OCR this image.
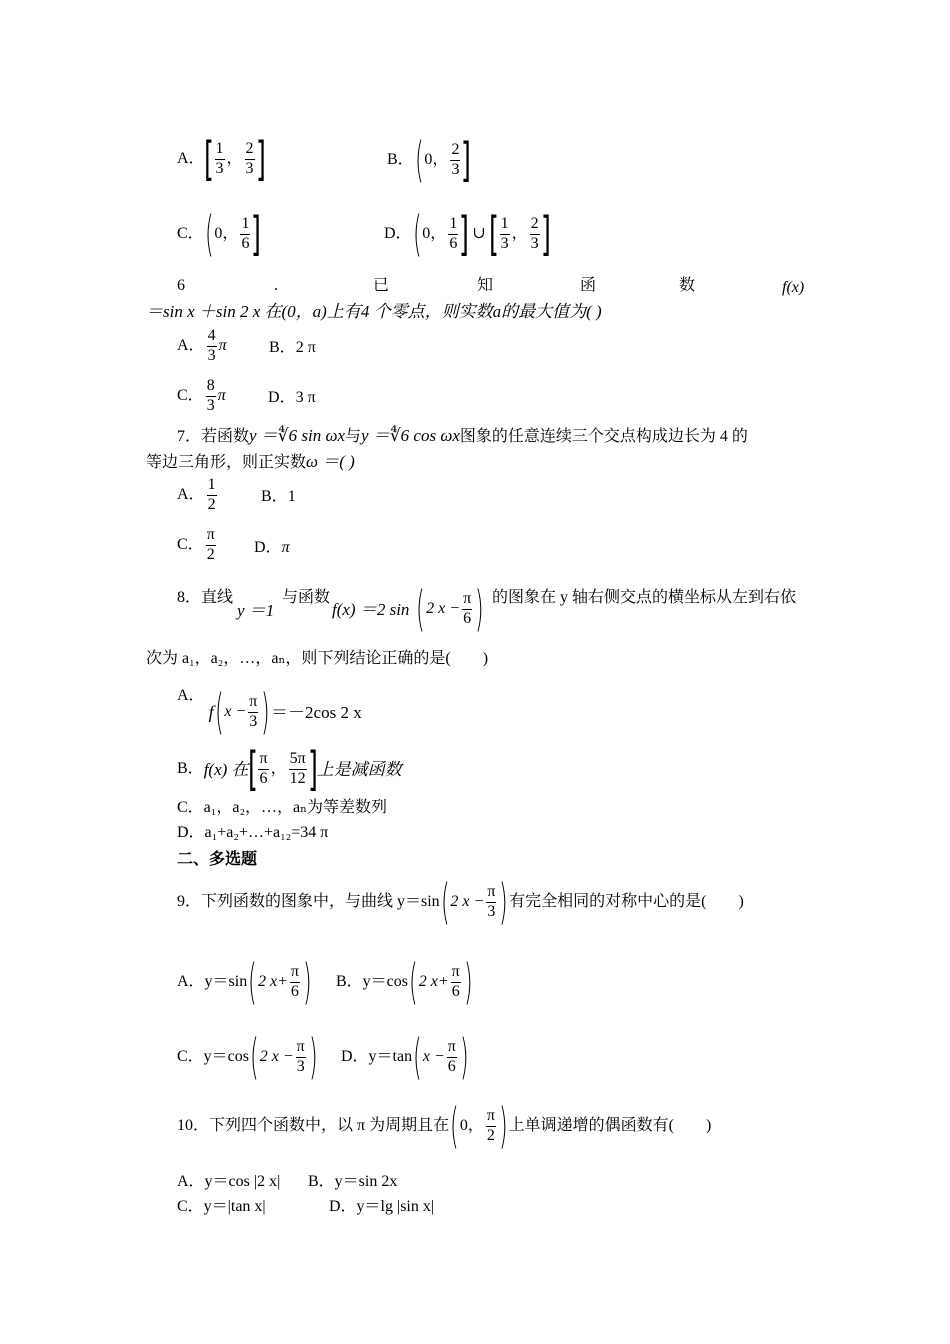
A． [ $\frac{1}{3}$ ， $\frac{2}{3}$ ]	B． ( 0 ， $\frac{2}{3}$ ]
C． ( 0 ， $\frac{1}{6}$ ]	D． ( 0 ， $\frac{1}{6}$ ] ∪ [ $\frac{1}{3}$ ， $\frac{2}{3}$ ]
6	.	已	知	函	数	f(x)
＝sin x ＋sin 2 x 在(0，a)上有4 个零点，则实数a的最大值为( )
A． $\frac{4}{3}$ π	B．2 π
C． $\frac{8}{3}$ π	D．3 π
7．若函数y ＝∜6 sin ωx与y ＝∜6 cos ωx图象的任意连续三个交点构成边长为 4 的
等边三角形，则正实数ω ＝( )
A． $\frac{1}{2}$	B．1
C． $\frac{\pi}{2}$ D．π
8．直线
y ＝1
与函数
f(x) ＝2 sin ( 2 $x - \frac{\pi}{6}$ ) 的图象在 y 轴右侧交点的横坐标从左到右依
次为 a₁，a₂，…，aₙ，则下列结论正确的是(　　)
A．
f ( $x - \frac{\pi}{3}$ ) ＝－2cos 2 x
B． f(x) 在 [ $\frac{\pi}{6}$ ， $\frac{5\pi}{12}$ ] 上是减函数
C．a₁，a₂，…，aₙ为等差数列
D．a₁+a₂+…+a₁₂=34 π
二、多选题
9．下列函数的图象中，与曲线 y＝sin ( 2 $x - \frac{\pi}{3}$ ) 有完全相同的对称中心的是(　　)
A．y＝sin ( 2 $x+ \frac{\pi}{6}$ ) B．y＝cos ( 2 $x+ \frac{\pi}{6}$ )
C．y＝cos ( 2 $x - \frac{\pi}{3}$ ) D．y＝tan ( $x - \frac{\pi}{6}$ )
10．下列四个函数中，以 π 为周期且在 ( 0 ， $\frac{\pi}{2}$ ) 上单调递增的偶函数有(　　)
A．y＝cos |2 x| B．y＝sin 2x
C．y＝|tan x|	D．y＝lg |sin x|
